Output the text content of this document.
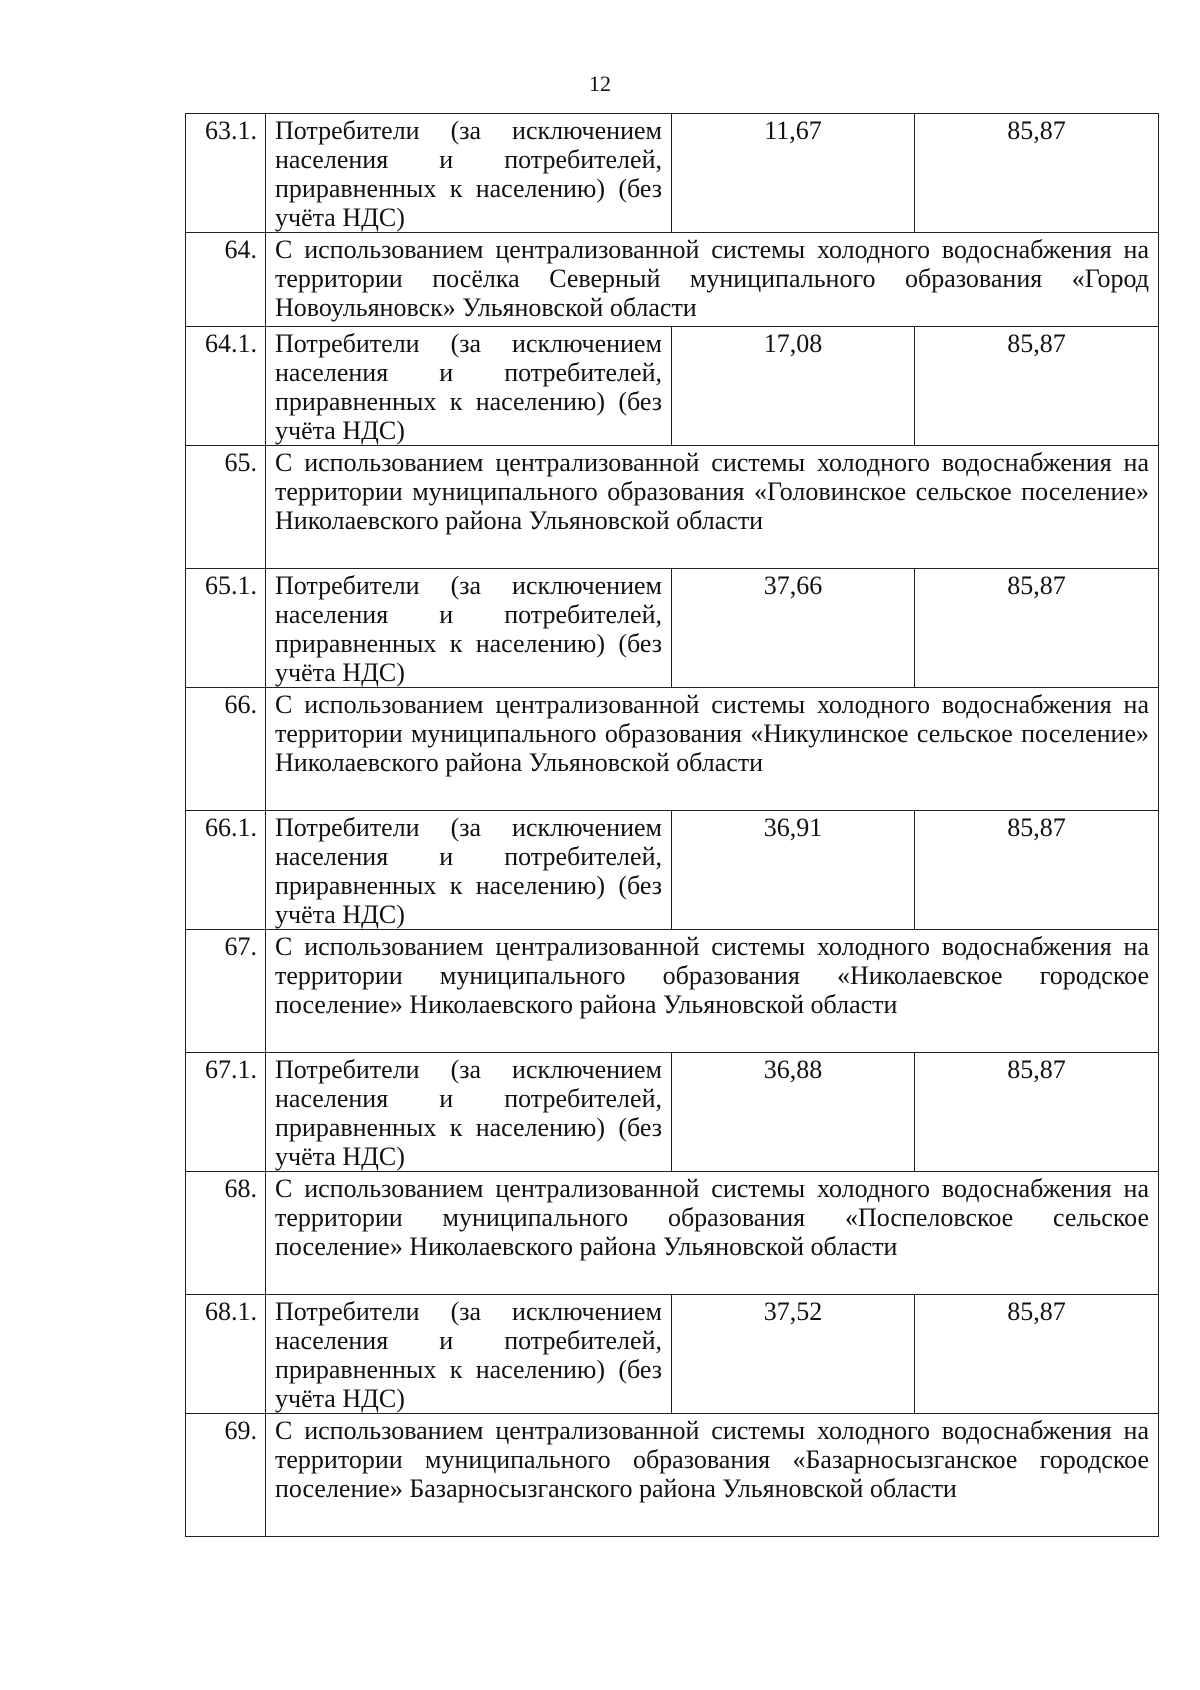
12
63.1.	Потребители (за исключением населения и потребителей, приравненных к населению) (без учёта НДС)	11,67	85,87
64.	С использованием централизованной системы холодного водоснабжения на территории посёлка Северный муниципального образования «Город Новоульяновск» Ульяновской области		
64.1.	Потребители (за исключением населения и потребителей, приравненных к населению) (без учёта НДС)	17,08	85,87
65.	С использованием централизованной системы холодного водоснабжения на территории муниципального образования «Головинское сельское поселение» Николаевского района Ульяновской области		
65.1.	Потребители (за исключением населения и потребителей, приравненных к населению) (без учёта НДС)	37,66	85,87
66.	С использованием централизованной системы холодного водоснабжения на территории муниципального образования «Никулинское сельское поселение» Николаевского района Ульяновской области		
66.1.	Потребители (за исключением населения и потребителей, приравненных к населению) (без учёта НДС)	36,91	85,87
67.	С использованием централизованной системы холодного водоснабжения на территории муниципального образования «Николаевское городское поселение» Николаевского района Ульяновской области		
67.1.	Потребители (за исключением населения и потребителей, приравненных к населению) (без учёта НДС)	36,88	85,87
68.	С использованием централизованной системы холодного водоснабжения на территории муниципального образования «Поспеловское сельское поселение» Николаевского района Ульяновской области		
68.1.	Потребители (за исключением населения и потребителей, приравненных к населению) (без учёта НДС)	37,52	85,87
69.	С использованием централизованной системы холодного водоснабжения на территории муниципального образования «Базарносызганское городское поселение» Базарносызганского района Ульяновской области		
